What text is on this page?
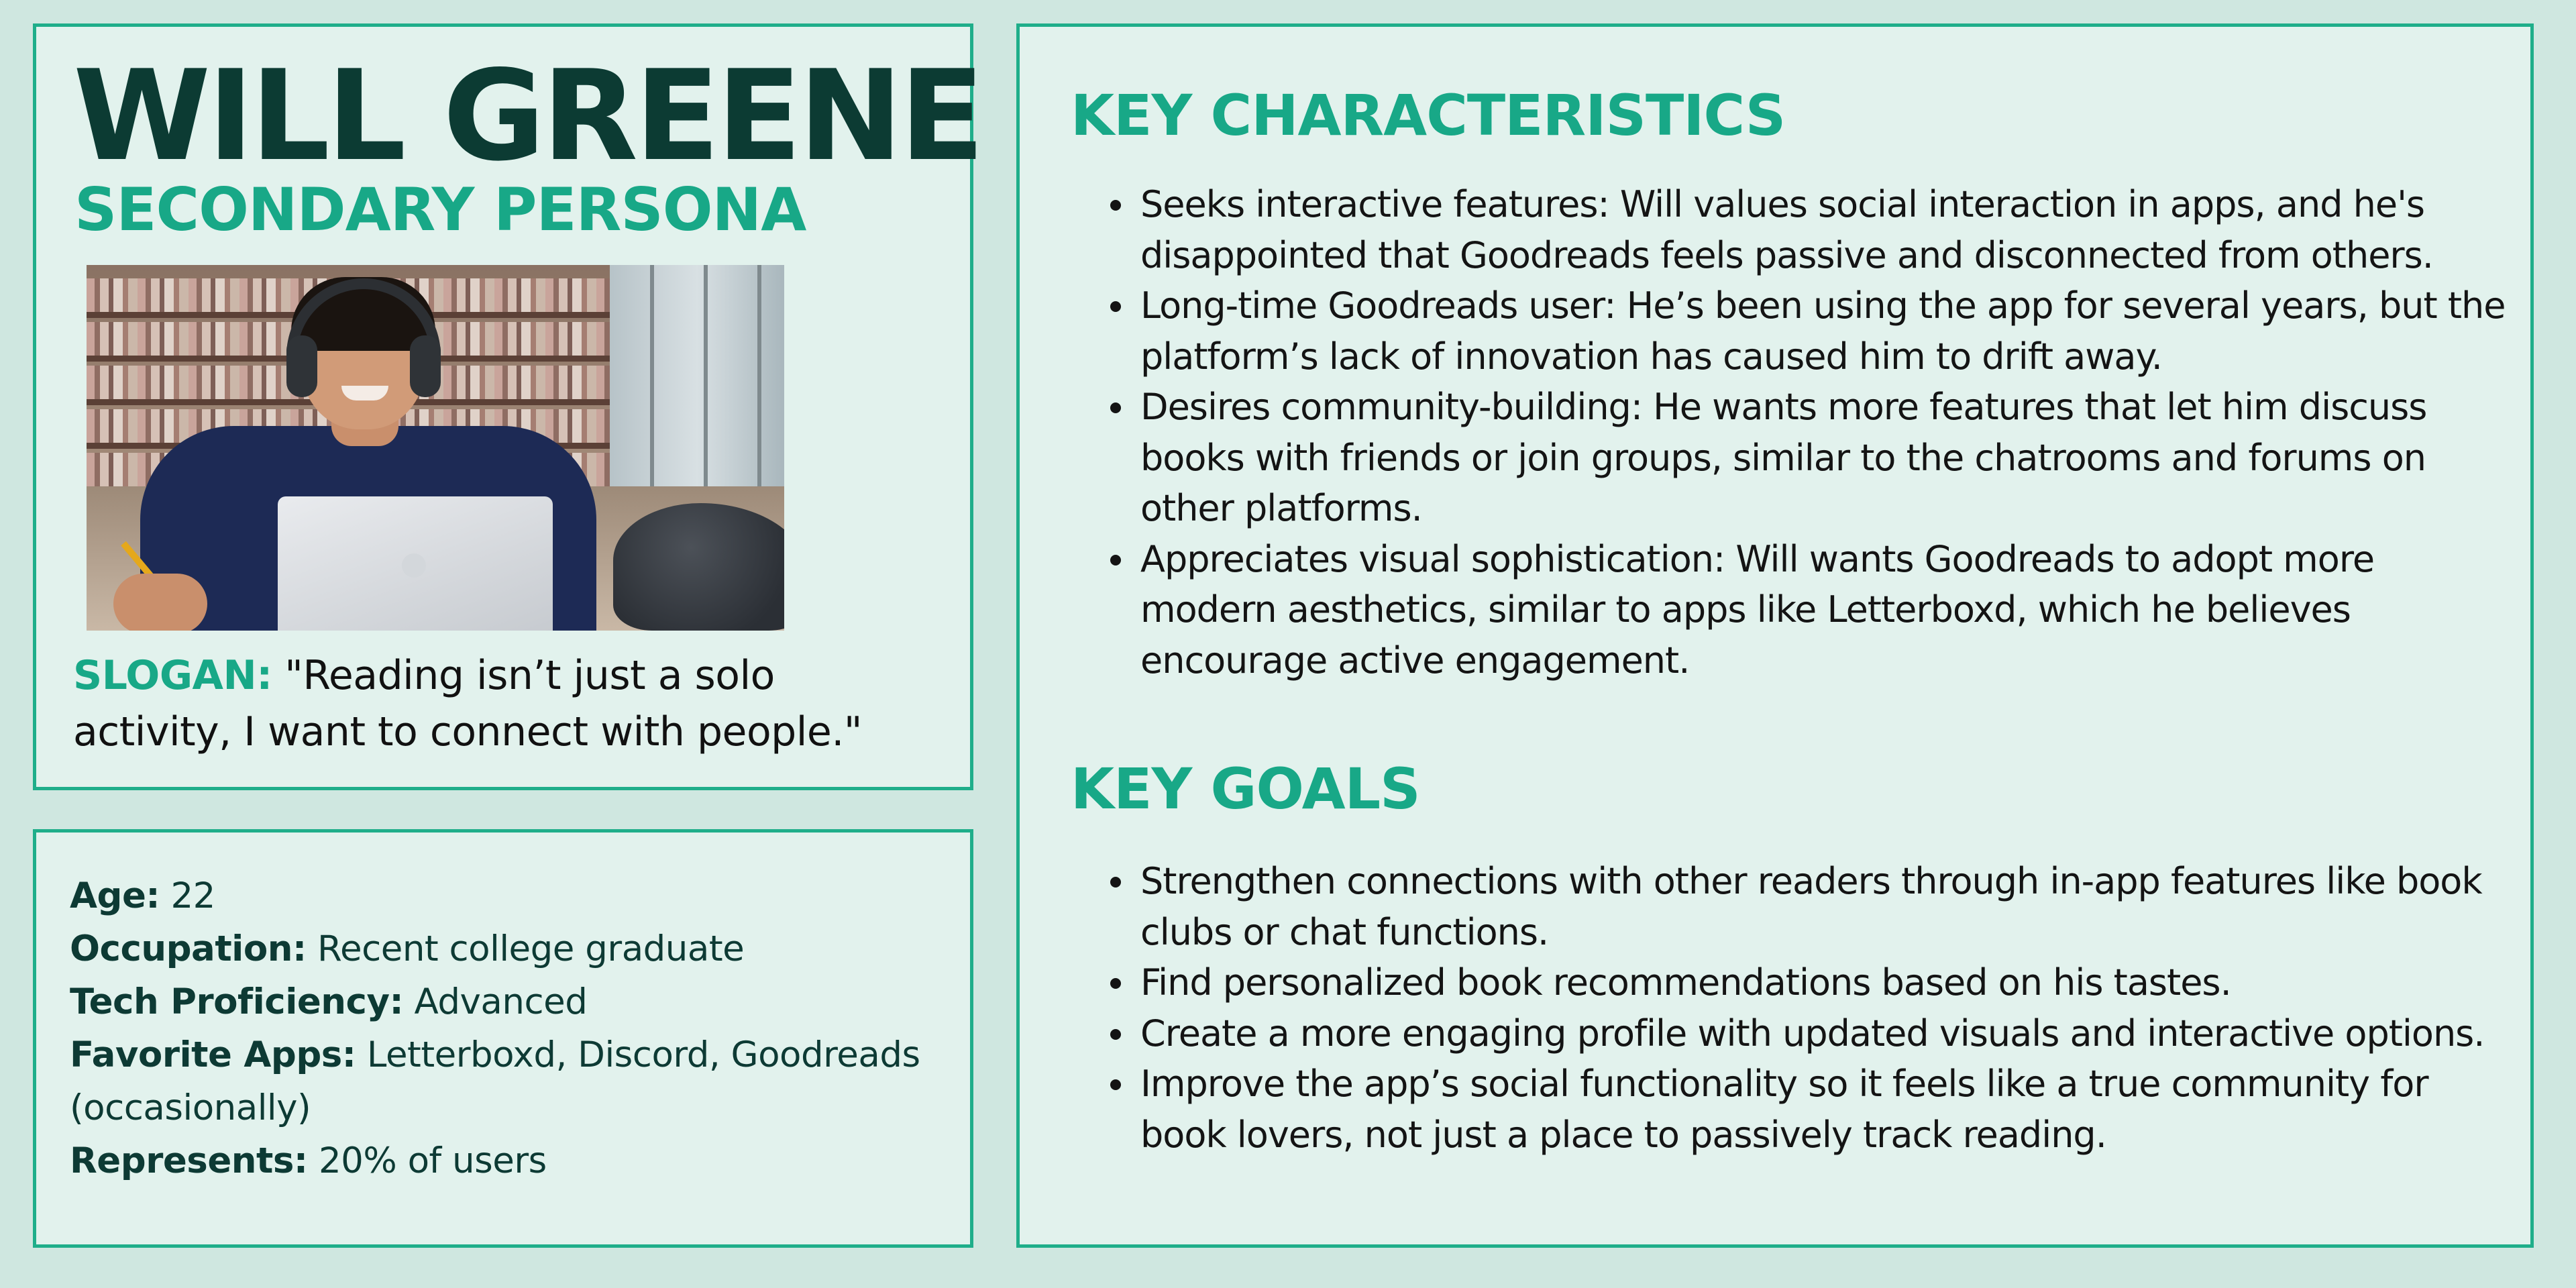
WILL GREENE
SECONDARY PERSONA

SLOGAN: "Reading isn’t just a solo activity, I want to connect with people."

Age: 22
Occupation: Recent college graduate
Tech Proficiency: Advanced
Favorite Apps: Letterboxd, Discord, Goodreads (occasionally)
Represents: 20% of users
KEY CHARACTERISTICS
Seeks interactive features: Will values social interaction in apps, and he's disappointed that Goodreads feels passive and disconnected from others.
Long-time Goodreads user: He’s been using the app for several years, but the platform’s lack of innovation has caused him to drift away.
Desires community-building: He wants more features that let him discuss books with friends or join groups, similar to the chatrooms and forums on other platforms.
Appreciates visual sophistication: Will wants Goodreads to adopt more modern aesthetics, similar to apps like Letterboxd, which he believes encourage active engagement.
KEY GOALS
Strengthen connections with other readers through in-app features like book clubs or chat functions.
Find personalized book recommendations based on his tastes.
Create a more engaging profile with updated visuals and interactive options.
Improve the app’s social functionality so it feels like a true community for book lovers, not just a place to passively track reading.
